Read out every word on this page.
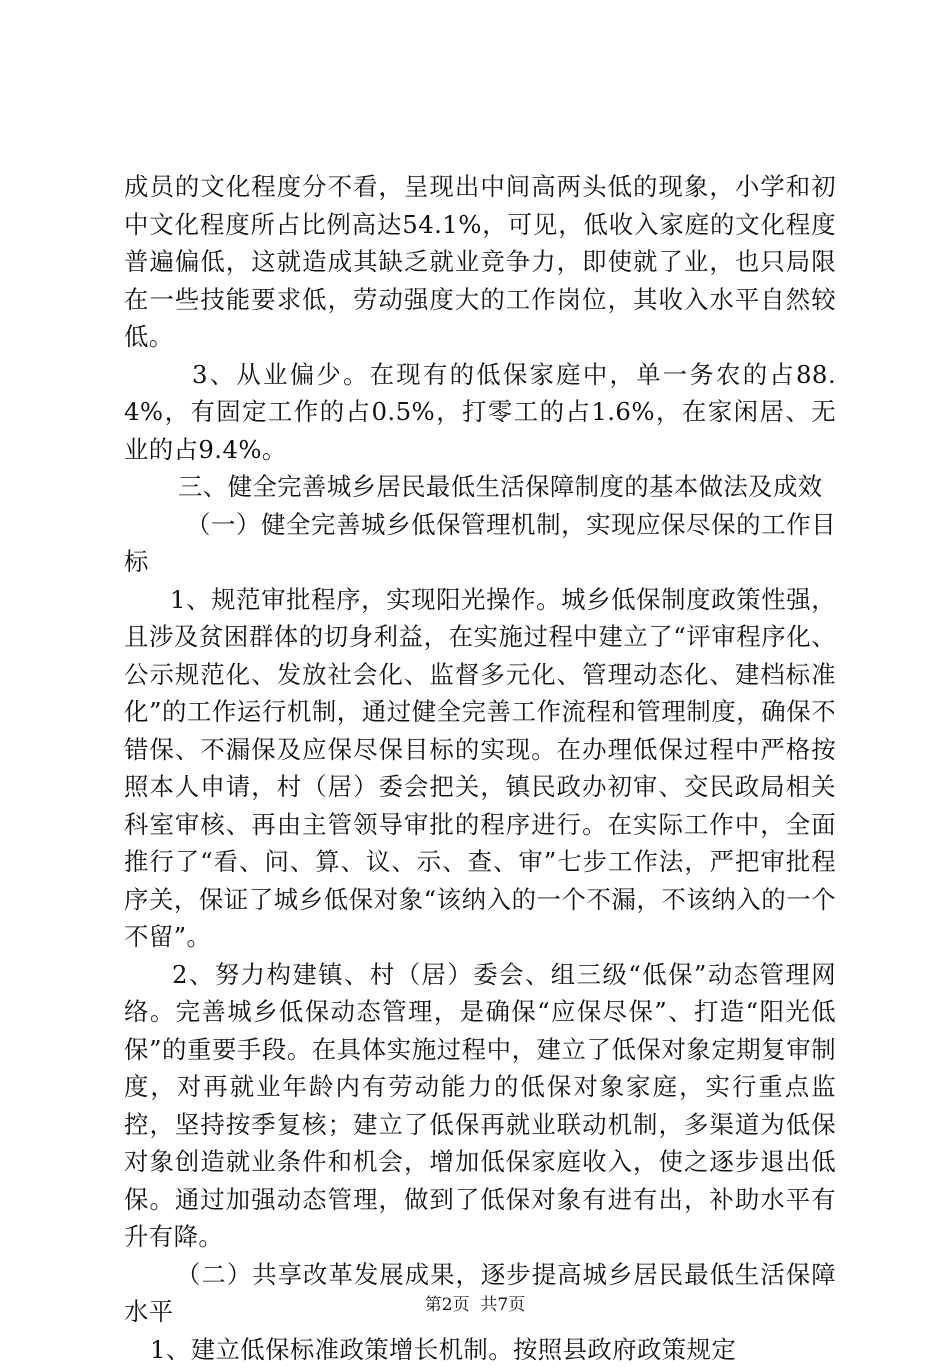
成员的文化程度分不看，呈现出中间高两头低的现象，小学和初中文化程度所占比例高达54.1%，可见，低收入家庭的文化程度普遍偏低，这就造成其缺乏就业竞争力，即使就了业，也只局限在一些技能要求低，劳动强度大的工作岗位，其收入水平自然较低。

3、从业偏少。在现有的低保家庭中，单一务农的占88.4%，有固定工作的占0.5%，打零工的占1.6%，在家闲居、无业的占9.4%。

三、健全完善城乡居民最低生活保障制度的基本做法及成效

（一）健全完善城乡低保管理机制，实现应保尽保的工作目标

1、规范审批程序，实现阳光操作。城乡低保制度政策性强，且涉及贫困群体的切身利益，在实施过程中建立了“评审程序化、公示规范化、发放社会化、监督多元化、管理动态化、建档标准化”的工作运行机制，通过健全完善工作流程和管理制度，确保不错保、不漏保及应保尽保目标的实现。在办理低保过程中严格按照本人申请，村（居）委会把关，镇民政办初审、交民政局相关科室审核、再由主管领导审批的程序进行。在实际工作中，全面推行了“看、问、算、议、示、查、审”七步工作法，严把审批程序关，保证了城乡低保对象“该纳入的一个不漏，不该纳入的一个不留”。

2、努力构建镇、村（居）委会、组三级“低保”动态管理网络。完善城乡低保动态管理，是确保“应保尽保”、打造“阳光低保”的重要手段。在具体实施过程中，建立了低保对象定期复审制度，对再就业年龄内有劳动能力的低保对象家庭，实行重点监控，坚持按季复核；建立了低保再就业联动机制，多渠道为低保对象创造就业条件和机会，增加低保家庭收入，使之逐步退出低保。通过加强动态管理，做到了低保对象有进有出，补助水平有升有降。

（二）共享改革发展成果，逐步提高城乡居民最低生活保障水平

1、建立低保标准政策增长机制。按照县政府政策规定

第2页  共7页
